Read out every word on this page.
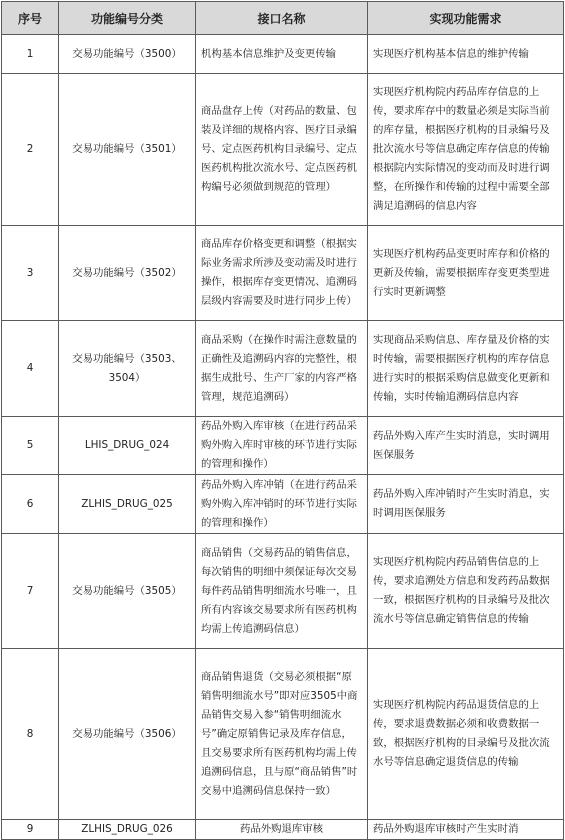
序号	功能编号分类	接口名称	实现功能需求
1	交易功能编号（3500）	机构基本信息维护及变更传输	实现医疗机构基本信息的维护传输
2	交易功能编号（3501）	商品盘存上传（对药品的数量、包装及详细的规格内容、医疗目录编号、定点医药机构目录编号、定点医药机构批次流水号、定点医药机构编号必须做到规范的管理）	实现医疗机构院内药品库存信息的上传，要求库存中的数量必须是实际当前的库存量，根据医疗机构的目录编号及批次流水号等信息确定库存信息的传输根据院内实际情况的变动而及时进行调整，在所操作和传输的过程中需要全部满足追溯码的信息内容
3	交易功能编号（3502）	商品库存价格变更和调整（根据实际业务需求所涉及变动需及时进行操作，根据库存变更情况、追溯码层级内容需要及时进行同步上传）	实现医疗机构药品变更时库存和价格的更新及传输，需要根据库存变更类型进行实时更新调整
4	交易功能编号（3503、3504）	商品采购（在操作时需注意数量的正确性及追溯码内容的完整性，根据生成批号、生产厂家的内容严格管理，规范追溯码）	实现商品采购信息、库存量及价格的实时传输，需要根据医疗机构的库存信息进行实时的根据采购信息做变化更新和传输，实时传输追溯码信息内容
5	LHIS_DRUG_024	药品外购入库审核（在进行药品采购外购入库时审核的环节进行实际的管理和操作）	药品外购入库产生实时消息，实时调用医保服务
6	ZLHIS_DRUG_025	药品外购入库冲销（在进行药品采购外购入库冲销时的环节进行实际的管理和操作）	药品外购入库冲销时产生实时消息，实时调用医保服务
7	交易功能编号（3505）	商品销售（交易药品的销售信息，每次销售的明细中须保证每次交易每件药品销售明细流水号唯一，且所有内容该交易要求所有医药机构均需上传追溯码信息）	实现医疗机构院内药品销售信息的上传，要求追溯处方信息和发药药品数据一致，根据医疗机构的目录编号及批次流水号等信息确定销售信息的传输
8	交易功能编号（3506）	商品销售退货（交易必须根据“原销售明细流水号”即对应3505中商品销售交易入参“销售明细流水号”确定原销售记录及库存信息，且交易要求所有医药机构均需上传追溯码信息，且与原“商品销售”时交易中追溯码信息保持一致）	实现医疗机构院内药品退货信息的上传，要求退费数据必须和收费数据一致，根据医疗机构的目录编号及批次流水号等信息确定退货信息的传输
9	ZLHIS_DRUG_026	药品外购退库审核	药品外购退库审核时产生实时消
